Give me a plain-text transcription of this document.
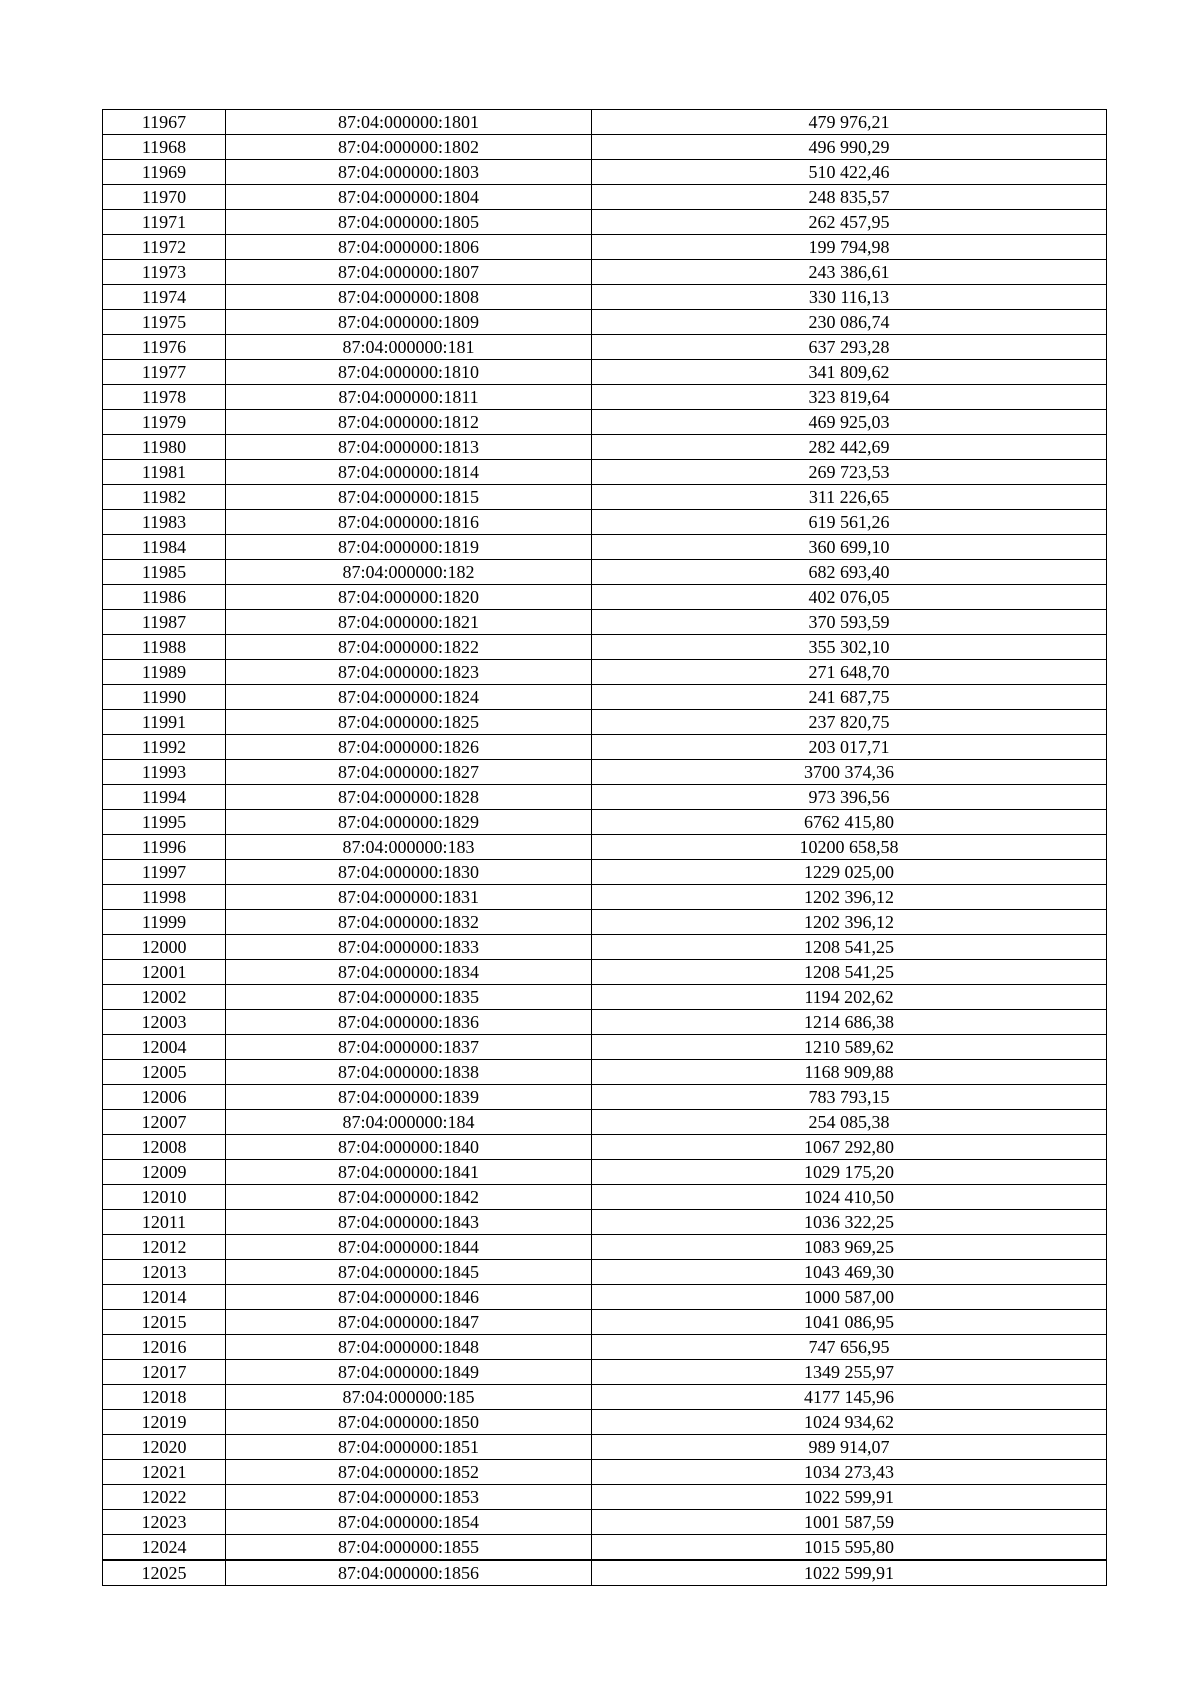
11967	87:04:000000:1801	479 976,21
11968	87:04:000000:1802	496 990,29
11969	87:04:000000:1803	510 422,46
11970	87:04:000000:1804	248 835,57
11971	87:04:000000:1805	262 457,95
11972	87:04:000000:1806	199 794,98
11973	87:04:000000:1807	243 386,61
11974	87:04:000000:1808	330 116,13
11975	87:04:000000:1809	230 086,74
11976	87:04:000000:181	637 293,28
11977	87:04:000000:1810	341 809,62
11978	87:04:000000:1811	323 819,64
11979	87:04:000000:1812	469 925,03
11980	87:04:000000:1813	282 442,69
11981	87:04:000000:1814	269 723,53
11982	87:04:000000:1815	311 226,65
11983	87:04:000000:1816	619 561,26
11984	87:04:000000:1819	360 699,10
11985	87:04:000000:182	682 693,40
11986	87:04:000000:1820	402 076,05
11987	87:04:000000:1821	370 593,59
11988	87:04:000000:1822	355 302,10
11989	87:04:000000:1823	271 648,70
11990	87:04:000000:1824	241 687,75
11991	87:04:000000:1825	237 820,75
11992	87:04:000000:1826	203 017,71
11993	87:04:000000:1827	3700 374,36
11994	87:04:000000:1828	973 396,56
11995	87:04:000000:1829	6762 415,80
11996	87:04:000000:183	10200 658,58
11997	87:04:000000:1830	1229 025,00
11998	87:04:000000:1831	1202 396,12
11999	87:04:000000:1832	1202 396,12
12000	87:04:000000:1833	1208 541,25
12001	87:04:000000:1834	1208 541,25
12002	87:04:000000:1835	1194 202,62
12003	87:04:000000:1836	1214 686,38
12004	87:04:000000:1837	1210 589,62
12005	87:04:000000:1838	1168 909,88
12006	87:04:000000:1839	783 793,15
12007	87:04:000000:184	254 085,38
12008	87:04:000000:1840	1067 292,80
12009	87:04:000000:1841	1029 175,20
12010	87:04:000000:1842	1024 410,50
12011	87:04:000000:1843	1036 322,25
12012	87:04:000000:1844	1083 969,25
12013	87:04:000000:1845	1043 469,30
12014	87:04:000000:1846	1000 587,00
12015	87:04:000000:1847	1041 086,95
12016	87:04:000000:1848	747 656,95
12017	87:04:000000:1849	1349 255,97
12018	87:04:000000:185	4177 145,96
12019	87:04:000000:1850	1024 934,62
12020	87:04:000000:1851	989 914,07
12021	87:04:000000:1852	1034 273,43
12022	87:04:000000:1853	1022 599,91
12023	87:04:000000:1854	1001 587,59
12024	87:04:000000:1855	1015 595,80
12025	87:04:000000:1856	1022 599,91
